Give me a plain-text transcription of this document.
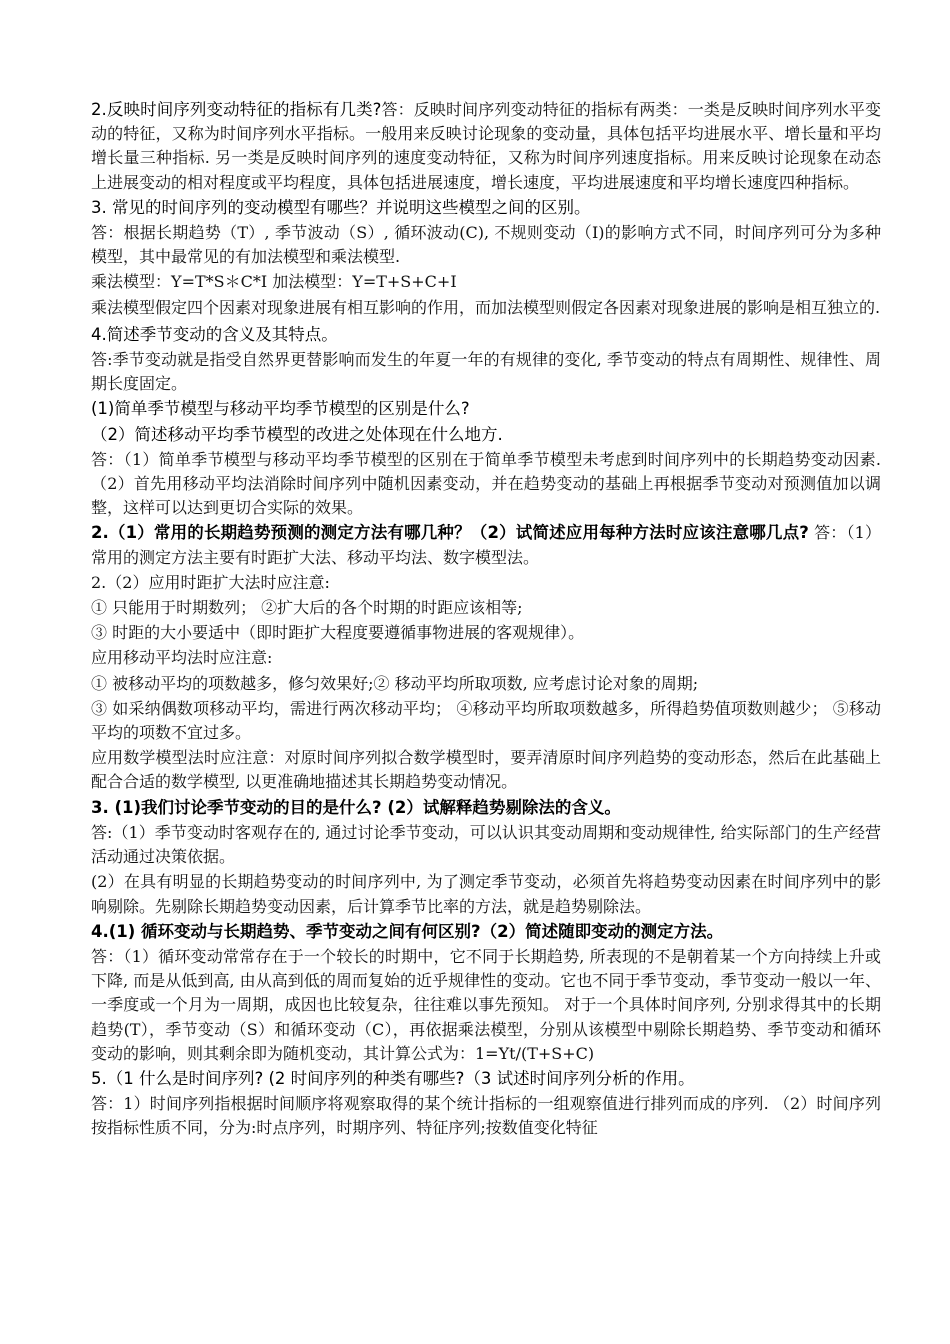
2.反映时间序列变动特征的指标有几类?答：反映时间序列变动特征的指标有两类：一类是反映时间序列水平变动的特征，又称为时间序列水平指标。一般用来反映讨论现象的变动量，具体包括平均进展水平、增长量和平均增长量三种指标. 另一类是反映时间序列的速度变动特征，又称为时间序列速度指标。用来反映讨论现象在动态上进展变动的相对程度或平均程度，具体包括进展速度，增长速度，平均进展速度和平均增长速度四种指标。

3. 常见的时间序列的变动模型有哪些？并说明这些模型之间的区别。

答：根据长期趋势（T）, 季节波动（S）, 循环波动(C), 不规则变动（I)的影响方式不同，时间序列可分为多种模型，其中最常见的有加法模型和乘法模型.

乘法模型：Y=T*S＊C*I 加法模型：Y=T+S+C+I

乘法模型假定四个因素对现象进展有相互影响的作用，而加法模型则假定各因素对现象进展的影响是相互独立的.

4.简述季节变动的含义及其特点。

答:季节变动就是指受自然界更替影响而发生的年夏一年的有规律的变化, 季节变动的特点有周期性、规律性、周期长度固定。

(1)简单季节模型与移动平均季节模型的区别是什么?

（2）简述移动平均季节模型的改进之处体现在什么地方.

答：（1）简单季节模型与移动平均季节模型的区别在于简单季节模型未考虑到时间序列中的长期趋势变动因素. （2）首先用移动平均法消除时间序列中随机因素变动，并在趋势变动的基础上再根据季节变动对预测值加以调整，这样可以达到更切合实际的效果。

2.（1）常用的长期趋势预测的测定方法有哪几种？（2）试简述应用每种方法时应该注意哪几点? 答：（1）常用的测定方法主要有时距扩大法、移动平均法、数字模型法。

2.（2）应用时距扩大法时应注意:

① 只能用于时期数列； ②扩大后的各个时期的时距应该相等;

③ 时距的大小要适中（即时距扩大程度要遵循事物进展的客观规律）。

应用移动平均法时应注意:

① 被移动平均的项数越多，修匀效果好;② 移动平均所取项数, 应考虑讨论对象的周期;

③ 如采纳偶数项移动平均，需进行两次移动平均； ④移动平均所取项数越多，所得趋势值项数则越少； ⑤移动平均的项数不宜过多。

应用数学模型法时应注意：对原时间序列拟合数学模型时，要弄清原时间序列趋势的变动形态，然后在此基础上配合合适的数学模型, 以更准确地描述其长期趋势变动情况。

3. (1)我们讨论季节变动的目的是什么? (2）试解释趋势剔除法的含义。

答:（1）季节变动时客观存在的, 通过讨论季节变动，可以认识其变动周期和变动规律性, 给实际部门的生产经营活动通过决策依据。

(2）在具有明显的长期趋势变动的时间序列中, 为了测定季节变动，必须首先将趋势变动因素在时间序列中的影响剔除。先剔除长期趋势变动因素，后计算季节比率的方法，就是趋势剔除法。

4.(1) 循环变动与长期趋势、季节变动之间有何区别?（2）简述随即变动的测定方法。

答：（1）循环变动常常存在于一个较长的时期中，它不同于长期趋势, 所表现的不是朝着某一个方向持续上升或下降, 而是从低到高, 由从高到低的周而复始的近乎规律性的变动。它也不同于季节变动，季节变动一般以一年、一季度或一个月为一周期，成因也比较复杂，往往难以事先预知。 对于一个具体时间序列, 分别求得其中的长期趋势(T），季节变动（S）和循环变动（C），再依据乘法模型，分别从该模型中剔除长期趋势、季节变动和循环变动的影响，则其剩余即为随机变动，其计算公式为：1=Yt/(T+S+C)

5.（1 什么是时间序列? (2 时间序列的种类有哪些?（3 试述时间序列分析的作用。

答：1）时间序列指根据时间顺序将观察取得的某个统计指标的一组观察值进行排列而成的序列. （2）时间序列按指标性质不同，分为:时点序列，时期序列、特征序列;按数值变化特征
